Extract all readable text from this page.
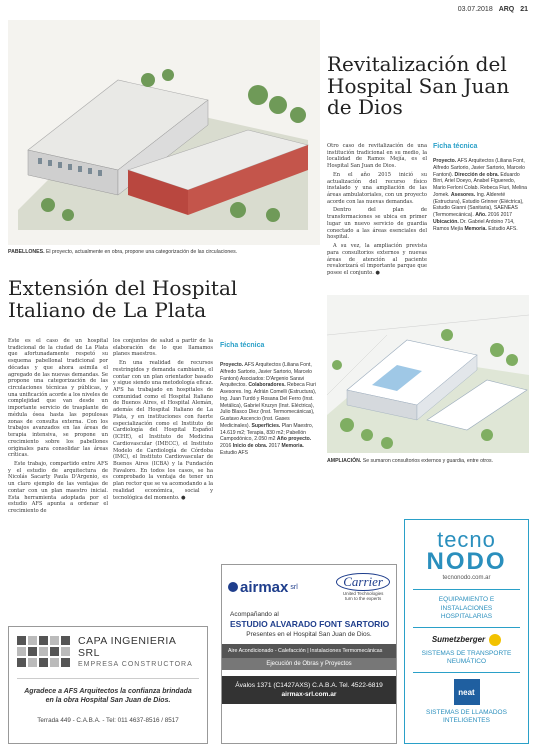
03.07.2018 ARQ 21
PABELLONES. El proyecto, actualmente en obra, propone una categorización de las circulaciones.
Revitalización del Hospital San Juan de Dios

Otro caso de revitalización de una institución tradicional en su medio, la localidad de Ramos Mejía, es el Hospital San Juan de Dios.

En el año 2015 inició su actualización del recurso físico instalado y una ampliación de las áreas ambulatoriales, con un proyecto acorde con las nuevas demandas.

Dentro del plan de transformaciones se ubica en primer lugar un nuevo servicio de guardia conectado a las áreas esenciales del hospital.

A su vez, la ampliación prevista para consultorios externos y nuevas áreas de atención al paciente revalorizará el importante parque que posee el conjunto. ●

Ficha técnica
Proyecto. AFS Arquitectos (Liliana Font, Alfredo Sartorio, Javier Sartorio, Marcelo Fantoni). Dirección de obra. Eduardo Birri, Ariel Doeyo, Anabel Figueredo, Mario Ferloni Colab. Rebeca Fiuri, Melina Jomek. Asesores. Ing. Aldereté (Estructura), Estudio Grinner (Eléctrica), Estudio Gianni (Sanitaria), SAENEAS (Termomecánica). Año. 2016 2017 Ubicación. Dr. Gabriel Ardoino 714, Ramos Mejía Memoria. Estudio AFS.
Extensión del Hospital Italiano de La Plata

Este es el caso de un hospital tradicional de la ciudad de La Plata que afortunadamente respetó su esquema pabellonal tradicional por décadas y que ahora asimila el agregado de las nuevas demandas. Se propone una categorización de las circulaciones técnicas y públicas, y una unificación acorde a los niveles de complejidad que van desde un importante servicio de trasplante de médula ósea hasta las populosas zonas de consulta externa. Con los trabajos avanzados en las áreas de terapia intensiva, se propone un crecimiento sobre los pabellones originales para consolidar las áreas críticas.

Este trabajo, compartido entre AFS y el estudio de arquitectura de Nicolás Sacarty Paula D'Argenio, es un claro ejemplo de las ventajas de contar con un plan maestro inicial. Esta herramienta adoptada por el estudio AFS apunta a ordenar el crecimiento de

los conjuntos de salud a partir de la elaboración de lo que llamamos planes maestros.

En una realidad de recursos restringidos y demanda cambiante, el contar con un plan orientador basado y sigue siendo una metodología eficaz. AFS ha trabajado en hospitales de comunidad como el Hospital Italiano de Buenos Aires, el Hospital Alemán, además del Hospital Italiano de La Plata, y en instituciones con fuerte especialización como el Instituto de Cardiología del Hospital Español (ICHE), el Instituto de Medicina Cardiovascular (IMECC), el Instituto Modelo de Cardiología de Córdoba (IMC), el Instituto Cardiovascular de Buenos Aires (ICBA) y la Fundación Favaloro. En todos los casos, se ha comprobado la ventaja de tener un plan rector que se va acomodando a la realidad económica, social y tecnológica del momento. ●

Ficha técnica
Proyecto. AFS Arquitectos (Liliana Font, Alfredo Sartorio, Javier Sartorio, Marcelo Fantoni) Asociados: D'Argenio Saravi Arquitectos. Colaboradores. Rebeca Fiuri Asesores. Ing. Adrián Comelli (Estructura), Ing. Juan Turdó y Rosana Del Ferro (Inst. Metálica), Gabriel Kruzyn (Inst. Eléctrica), Julio Blasco Diez (Inst. Termomecánicas), Gustavo Ascencio (Inst. Gases Medicinales). Superficies. Plan Maestro, 14.619 m2; Terapia, 830 m2; Pabellón Campodónico, 2.050 m2 Año proyecto. 2016 Inicio de obra. 2017 Memoria. Estudio AFS
AMPLIACIÓN. Se sumaron consultorios externos y guardia, entre otros.
tecno
NODO
tecnonodo.com.ar
EQUIPAMIENTO E INSTALACIONES HOSPITALARIAS
Sumetzberger
SISTEMAS DE TRANSPORTE NEUMÁTICO
neat
SISTEMAS DE LLAMADOS INTELIGENTES
CAPA INGENIERIA SRL
EMPRESA CONSTRUCTORA
Agradece a AFS Arquitectos la confianza brindada en la obra Hospital San Juan de Dios.
Terrada 449 - C.A.B.A. - Tel: 011 4637-8516 / 8517
airmax srl	Carrier
United Technologies
turn to the experts
Acompañando al
ESTUDIO ALVARADO FONT SARTORIO
Presentes en el Hospital San Juan de Dios.
Aire Acondicionado - Calefacción | Instalaciones Termomecánicas
Ejecución de Obras y Proyectos
Ávalos 1371 (C1427AXS) C.A.B.A. Tel. 4522-6819
airmax-srl.com.ar
